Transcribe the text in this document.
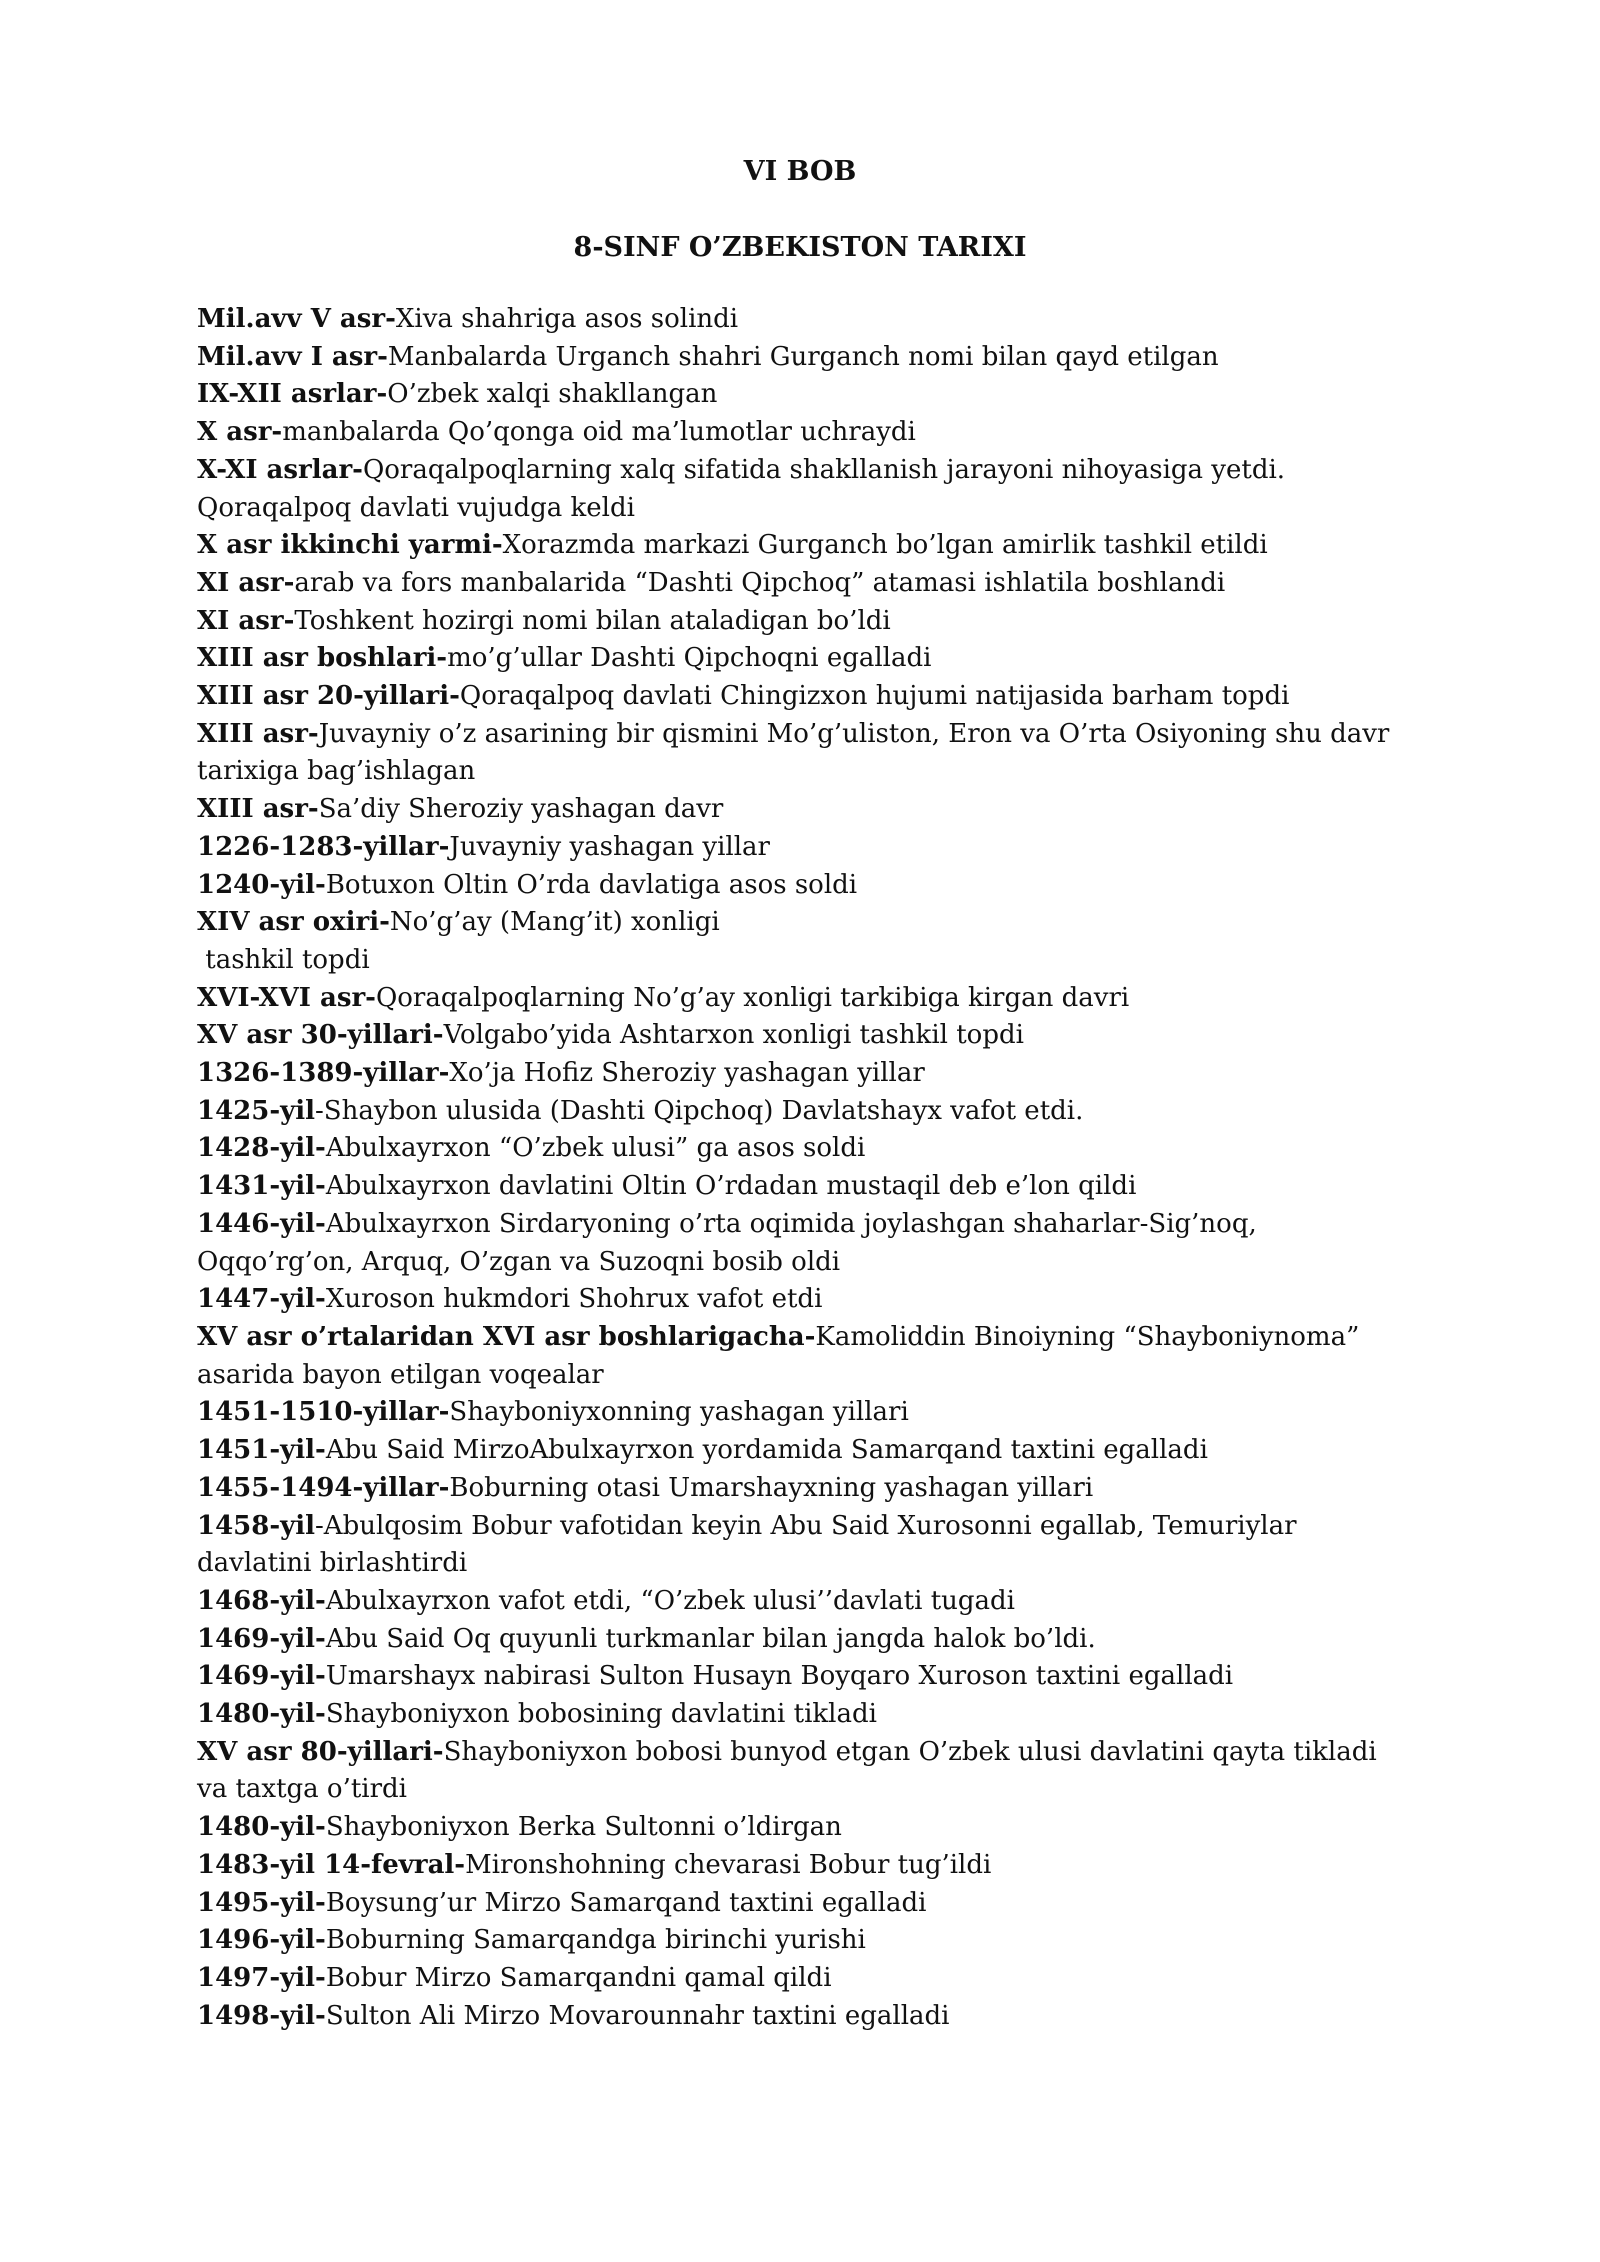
VI BOB
8-SINF O’ZBEKISTON TARIXI
Mil.avv V asr-Xiva shahriga asos solindi
Mil.avv I asr-Manbalarda Urganch shahri Gurganch nomi bilan qayd etilgan
IX-XII asrlar-O’zbek xalqi shakllangan
X asr-manbalarda Qo’qonga oid ma’lumotlar uchraydi
X-XI asrlar-Qoraqalpoqlarning xalq sifatida shakllanish jarayoni nihoyasiga yetdi.
Qoraqalpoq davlati vujudga keldi
X asr ikkinchi yarmi-Xorazmda markazi Gurganch bo’lgan amirlik tashkil etildi
XI asr-arab va fors manbalarida “Dashti Qipchoq” atamasi ishlatila boshlandi
XI asr-Toshkent hozirgi nomi bilan ataladigan bo’ldi
XIII asr boshlari-mo’g’ullar Dashti Qipchoqni egalladi
XIII asr 20-yillari-Qoraqalpoq davlati Chingizxon hujumi natijasida barham topdi
XIII asr-Juvayniy o’z asarining bir qismini Mo’g’uliston, Eron va O’rta Osiyoning shu davr
tarixiga bag’ishlagan
XIII asr-Sa’diy Sheroziy yashagan davr
1226-1283-yillar-Juvayniy yashagan yillar
1240-yil-Botuxon Oltin O’rda davlatiga asos soldi
XIV asr oxiri-No’g’ay (Mang’it) xonligi
tashkil topdi
XVI-XVI asr-Qoraqalpoqlarning No’g’ay xonligi tarkibiga kirgan davri
XV asr 30-yillari-Volgabo’yida Ashtarxon xonligi tashkil topdi
1326-1389-yillar-Xo’ja Hofiz Sheroziy yashagan yillar
1425-yil-Shaybon ulusida (Dashti Qipchoq) Davlatshayx vafot etdi.
1428-yil-Abulxayrxon “O’zbek ulusi” ga asos soldi
1431-yil-Abulxayrxon davlatini Oltin O’rdadan mustaqil deb e’lon qildi
1446-yil-Abulxayrxon Sirdaryoning o’rta oqimida joylashgan shaharlar-Sig’noq,
Oqqo’rg’on, Arquq, O’zgan va Suzoqni bosib oldi
1447-yil-Xuroson hukmdori Shohrux vafot etdi
XV asr o’rtalaridan XVI asr boshlarigacha-Kamoliddin Binoiyning “Shayboniynoma”
asarida bayon etilgan voqealar
1451-1510-yillar-Shayboniyxonning yashagan yillari
1451-yil-Abu Said MirzoAbulxayrxon yordamida Samarqand taxtini egalladi
1455-1494-yillar-Boburning otasi Umarshayxning yashagan yillari
1458-yil-Abulqosim Bobur vafotidan keyin Abu Said Xurosonni egallab, Temuriylar
davlatini birlashtirdi
1468-yil-Abulxayrxon vafot etdi, “O’zbek ulusi’’davlati tugadi
1469-yil-Abu Said Oq quyunli turkmanlar bilan jangda halok bo’ldi.
1469-yil-Umarshayx nabirasi Sulton Husayn Boyqaro Xuroson taxtini egalladi
1480-yil-Shayboniyxon bobosining davlatini tikladi
XV asr 80-yillari-Shayboniyxon bobosi bunyod etgan O’zbek ulusi davlatini qayta tikladi
va taxtga o’tirdi
1480-yil-Shayboniyxon Berka Sultonni o’ldirgan
1483-yil 14-fevral-Mironshohning chevarasi Bobur tug’ildi
1495-yil-Boysung’ur Mirzo Samarqand taxtini egalladi
1496-yil-Boburning Samarqandga birinchi yurishi
1497-yil-Bobur Mirzo Samarqandni qamal qildi
1498-yil-Sulton Ali Mirzo Movarounnahr taxtini egalladi
